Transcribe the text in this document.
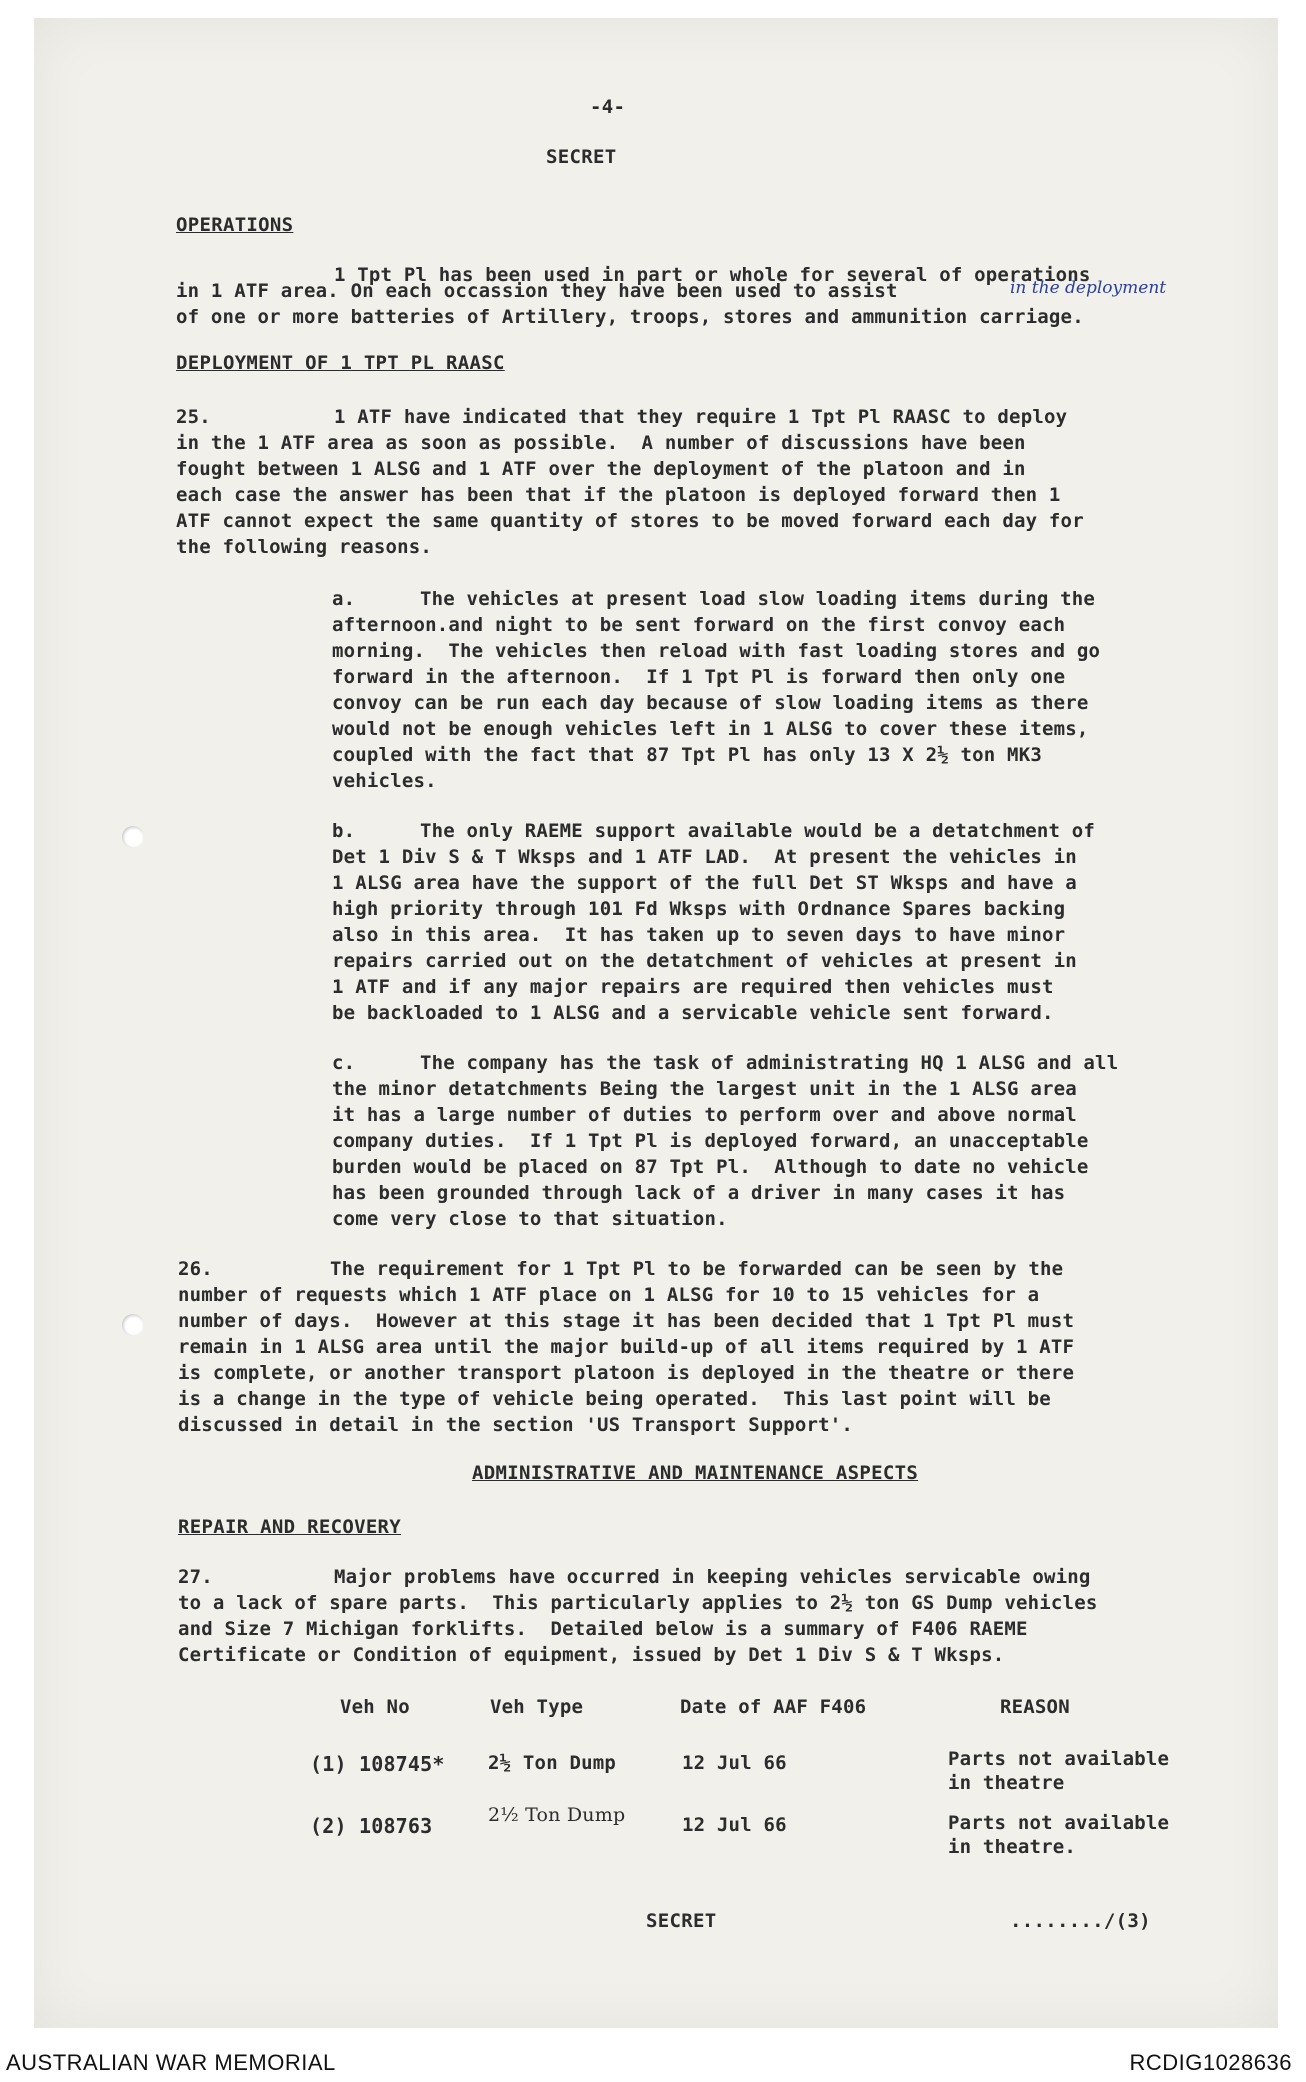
-4-
SECRET
OPERATIONS
1 Tpt Pl has been used in part or whole for several of operations
in 1 ATF area. On each occassion they have been used to assist	in the deployment
of one or more batteries of Artillery, troops, stores and ammunition carriage.
DEPLOYMENT OF 1 TPT PL RAASC
25.	1 ATF have indicated that they require 1 Tpt Pl RAASC to deploy
in the 1 ATF area as soon as possible.  A number of discussions have been
fought between 1 ALSG and 1 ATF over the deployment of the platoon and in
each case the answer has been that if the platoon is deployed forward then 1
ATF cannot expect the same quantity of stores to be moved forward each day for
the following reasons.
a.	The vehicles at present load slow loading items during the
afternoon.and night to be sent forward on the first convoy each
morning.  The vehicles then reload with fast loading stores and go
forward in the afternoon.  If 1 Tpt Pl is forward then only one
convoy can be run each day because of slow loading items as there
would not be enough vehicles left in 1 ALSG to cover these items,
coupled with the fact that 87 Tpt Pl has only 13 X 2½ ton MK3
vehicles.
b.	The only RAEME support available would be a detatchment of
Det 1 Div S & T Wksps and 1 ATF LAD.  At present the vehicles in
1 ALSG area have the support of the full Det ST Wksps and have a
high priority through 101 Fd Wksps with Ordnance Spares backing
also in this area.  It has taken up to seven days to have minor
repairs carried out on the detatchment of vehicles at present in
1 ATF and if any major repairs are required then vehicles must
be backloaded to 1 ALSG and a servicable vehicle sent forward.
c.	The company has the task of administrating HQ 1 ALSG and all
the minor detatchments Being the largest unit in the 1 ALSG area
it has a large number of duties to perform over and above normal
company duties.  If 1 Tpt Pl is deployed forward, an unacceptable
burden would be placed on 87 Tpt Pl.  Although to date no vehicle
has been grounded through lack of a driver in many cases it has
come very close to that situation.
26.	The requirement for 1 Tpt Pl to be forwarded can be seen by the
number of requests which 1 ATF place on 1 ALSG for 10 to 15 vehicles for a
number of days.  However at this stage it has been decided that 1 Tpt Pl must
remain in 1 ALSG area until the major build-up of all items required by 1 ATF
is complete, or another transport platoon is deployed in the theatre or there
is a change in the type of vehicle being operated.  This last point will be
discussed in detail in the section 'US Transport Support'.
ADMINISTRATIVE AND MAINTENANCE ASPECTS
REPAIR AND RECOVERY
27.	Major problems have occurred in keeping vehicles servicable owing
to a lack of spare parts.  This particularly applies to 2½ ton GS Dump vehicles
and Size 7 Michigan forklifts.  Detailed below is a summary of F406 RAEME
Certificate or Condition of equipment, issued by Det 1 Div S & T Wksps.
Veh No	Veh Type	Date of AAF F406	REASON
(1) 108745* 2½ Ton Dump	12 Jul 66	Parts not available
in theatre
(2) 108763	2½ Ton Dump	12 Jul 66	Parts not available
in theatre.
SECRET	......../(3)
AUSTRALIAN WAR MEMORIAL	RCDIG1028636
